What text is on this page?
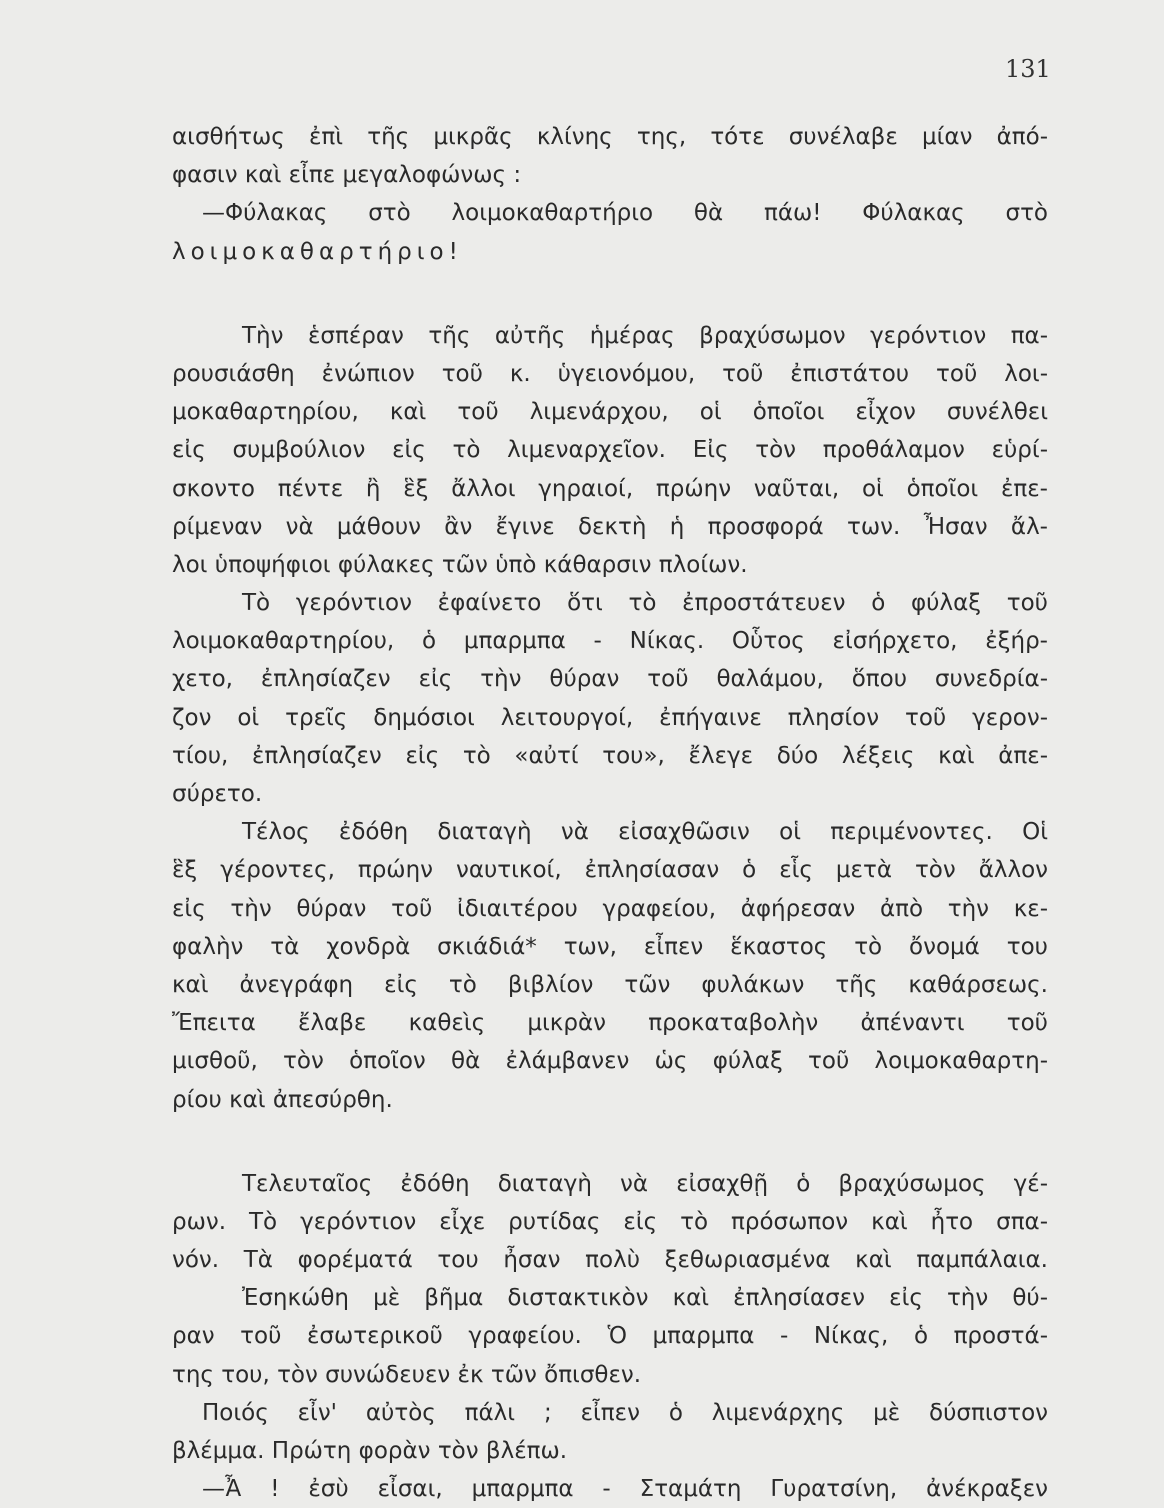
131
αισθήτως ἐπὶ τῆς μικρᾶς κλίνης της, τότε συνέλαβε μίαν ἀπό-
φασιν καὶ εἶπε μεγαλοφώνως :
—Φύλακας στὸ λοιμοκαθαρτήριο θὰ πάω! Φύλακας στὸ
λοιμοκαθαρτήριο!
Τὴν ἑσπέραν τῆς αὐτῆς ἡμέρας βραχύσωμον γερόντιον πα-
ρουσιάσθη ἐνώπιον τοῦ κ. ὑγειονόμου, τοῦ ἐπιστάτου τοῦ λοι-
μοκαθαρτηρίου, καὶ τοῦ λιμενάρχου, οἱ ὁποῖοι εἶχον συνέλθει
εἰς συμβούλιον εἰς τὸ λιμεναρχεῖον. Εἰς τὸν προθάλαμον εὑρί-
σκοντο πέντε ἢ ἓξ ἄλλοι γηραιοί, πρώην ναῦται, οἱ ὁποῖοι ἐπε-
ρίμεναν νὰ μάθουν ἂν ἔγινε δεκτὴ ἡ προσφορά των. Ἦσαν ἄλ-
λοι ὑποψήφιοι φύλακες τῶν ὑπὸ κάθαρσιν πλοίων.
Τὸ γερόντιον ἐφαίνετο ὅτι τὸ ἐπροστάτευεν ὁ φύλαξ τοῦ
λοιμοκαθαρτηρίου, ὁ μπαρμπα - Νίκας. Οὗτος εἰσήρχετο, ἐξήρ-
χετο, ἐπλησίαζεν εἰς τὴν θύραν τοῦ θαλάμου, ὅπου συνεδρία-
ζον οἱ τρεῖς δημόσιοι λειτουργοί, ἐπήγαινε πλησίον τοῦ γερον-
τίου, ἐπλησίαζεν εἰς τὸ «αὐτί του», ἔλεγε δύο λέξεις καὶ ἀπε-
σύρετο.
Τέλος ἐδόθη διαταγὴ νὰ εἰσαχθῶσιν οἱ περιμένοντες. Οἱ
ἓξ γέροντες, πρώην ναυτικοί, ἐπλησίασαν ὁ εἷς μετὰ τὸν ἄλλον
εἰς τὴν θύραν τοῦ ἰδιαιτέρου γραφείου, ἀφήρεσαν ἀπὸ τὴν κε-
φαλὴν τὰ χονδρὰ σκιάδιά* των, εἶπεν ἕκαστος τὸ ὄνομά του
καὶ ἀνεγράφη εἰς τὸ βιβλίον τῶν φυλάκων τῆς καθάρσεως.
Ἔπειτα ἔλαβε καθεὶς μικρὰν προκαταβολὴν ἀπέναντι τοῦ
μισθοῦ, τὸν ὁποῖον θὰ ἐλάμβανεν ὡς φύλαξ τοῦ λοιμοκαθαρτη-
ρίου καὶ ἀπεσύρθη.
Τελευταῖος ἐδόθη διαταγὴ νὰ εἰσαχθῇ ὁ βραχύσωμος γέ-
ρων. Τὸ γερόντιον εἶχε ρυτίδας εἰς τὸ πρόσωπον καὶ ἦτο σπα-
νόν. Τὰ φορέματά του ἦσαν πολὺ ξεθωριασμένα καὶ παμπάλαια.
Ἐσηκώθη μὲ βῆμα διστακτικὸν καὶ ἐπλησίασεν εἰς τὴν θύ-
ραν τοῦ ἐσωτερικοῦ γραφείου. Ὁ μπαρμπα - Νίκας, ὁ προστά-
της του, τὸν συνώδευεν ἐκ τῶν ὄπισθεν.
Ποιός εἶν' αὐτὸς πάλι ; εἶπεν ὁ λιμενάρχης μὲ δύσπιστον
βλέμμα. Πρώτη φορὰν τὸν βλέπω.
—Ἆ ! ἐσὺ εἶσαι, μπαρμπα - Σταμάτη Γυρατσίνη, ἀνέκραξεν
